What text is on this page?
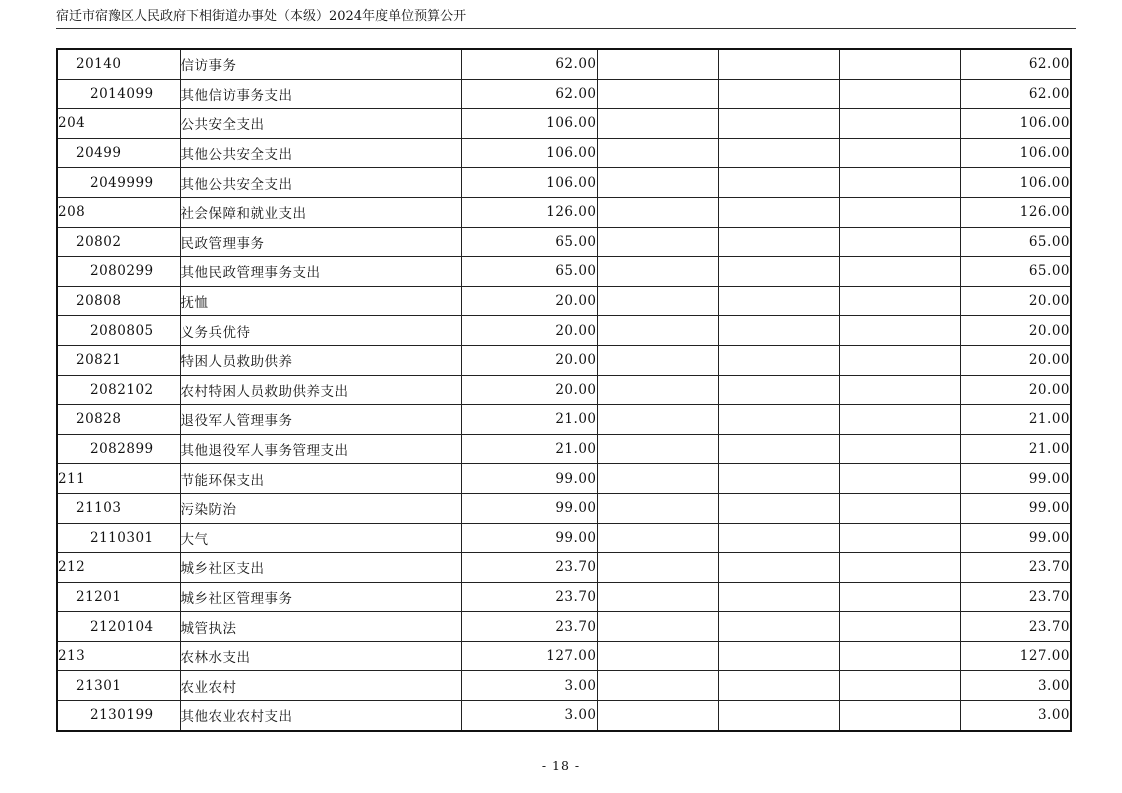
宿迁市宿豫区人民政府下相街道办事处（本级）2024年度单位预算公开
20140	信访事务	62.00				62.00
2014099	其他信访事务支出	62.00				62.00
204	公共安全支出	106.00				106.00
20499	其他公共安全支出	106.00				106.00
2049999	其他公共安全支出	106.00				106.00
208	社会保障和就业支出	126.00				126.00
20802	民政管理事务	65.00				65.00
2080299	其他民政管理事务支出	65.00				65.00
20808	抚恤	20.00				20.00
2080805	义务兵优待	20.00				20.00
20821	特困人员救助供养	20.00				20.00
2082102	农村特困人员救助供养支出	20.00				20.00
20828	退役军人管理事务	21.00				21.00
2082899	其他退役军人事务管理支出	21.00				21.00
211	节能环保支出	99.00				99.00
21103	污染防治	99.00				99.00
2110301	大气	99.00				99.00
212	城乡社区支出	23.70				23.70
21201	城乡社区管理事务	23.70				23.70
2120104	城管执法	23.70				23.70
213	农林水支出	127.00				127.00
21301	农业农村	3.00				3.00
2130199	其他农业农村支出	3.00				3.00
- 18 -
